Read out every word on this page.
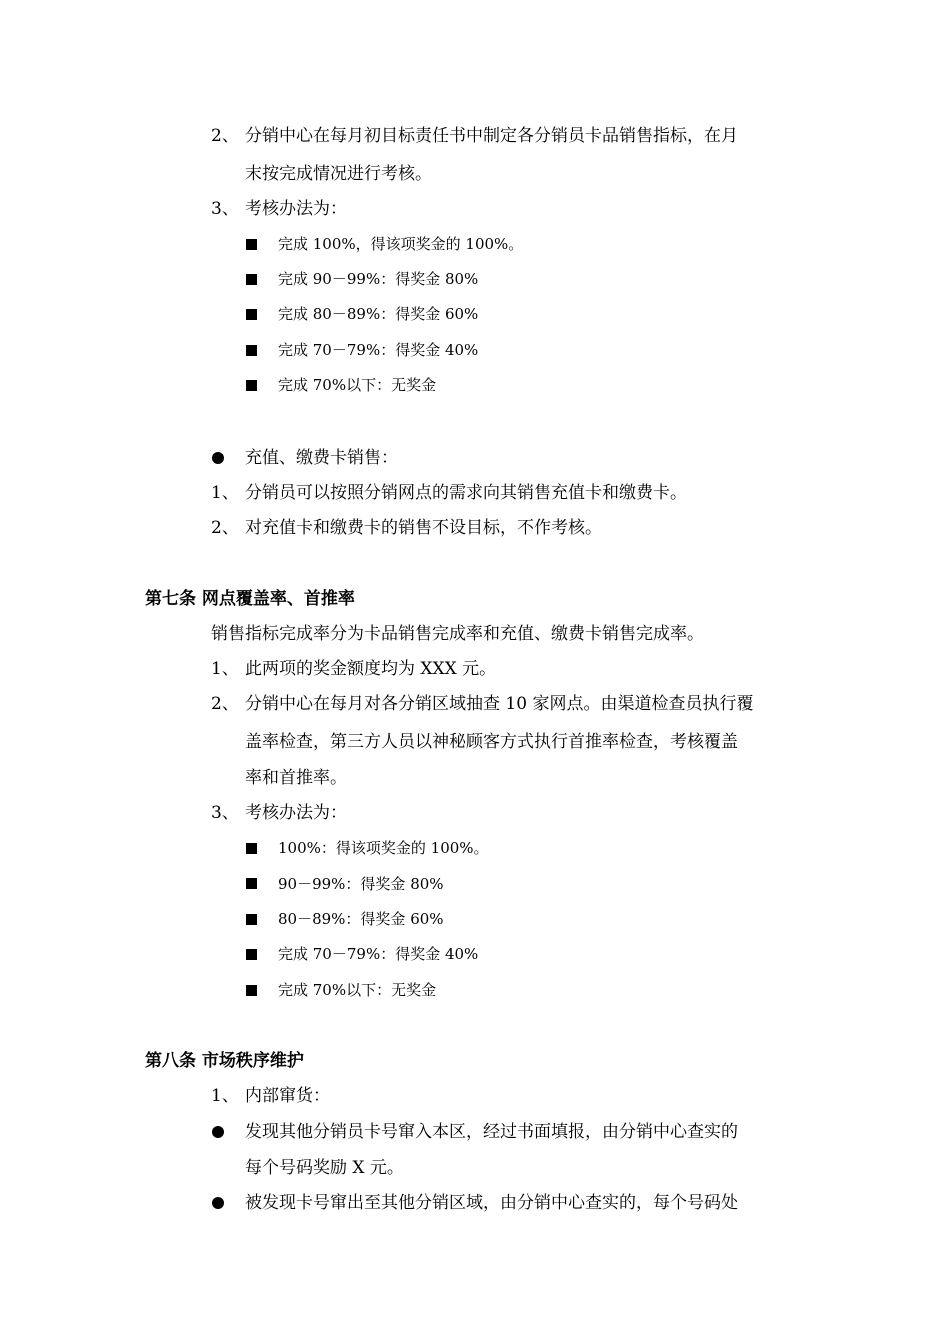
2、 分销中心在每月初目标责任书中制定各分销员卡品销售指标，在月
末按完成情况进行考核。
3、 考核办法为：
完成 100%，得该项奖金的 100%。
完成 90－99%：得奖金 80%
完成 80－89%：得奖金 60%
完成 70－79%：得奖金 40%
完成 70%以下：无奖金
充值、缴费卡销售：
1、 分销员可以按照分销网点的需求向其销售充值卡和缴费卡。
2、 对充值卡和缴费卡的销售不设目标，不作考核。
第七条 网点覆盖率、首推率
销售指标完成率分为卡品销售完成率和充值、缴费卡销售完成率。
1、 此两项的奖金额度均为 XXX 元。
2、 分销中心在每月对各分销区域抽查 10 家网点。由渠道检查员执行覆
盖率检查，第三方人员以神秘顾客方式执行首推率检查，考核覆盖
率和首推率。
3、 考核办法为：
100%：得该项奖金的 100%。
90－99%：得奖金 80%
80－89%：得奖金 60%
完成 70－79%：得奖金 40%
完成 70%以下：无奖金
第八条 市场秩序维护
1、 内部窜货：
发现其他分销员卡号窜入本区，经过书面填报，由分销中心查实的
每个号码奖励 X 元。
被发现卡号窜出至其他分销区域，由分销中心查实的，每个号码处
